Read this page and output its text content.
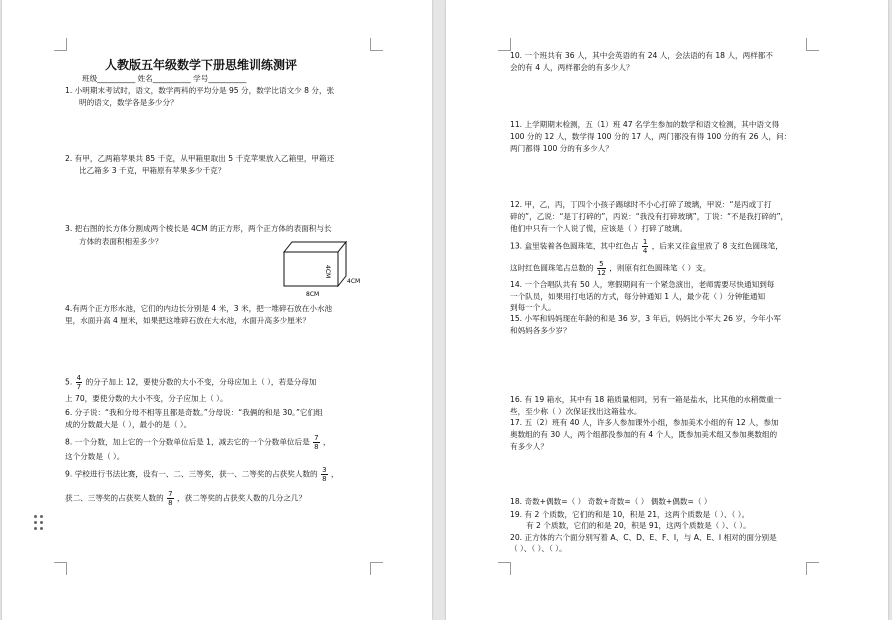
人教版五年级数学下册思维训练测评
班级__________ 姓名__________ 学号__________
1. 小明期末考试时，语文，数学两科的平均分是 95 分，数学比语文少 8 分，张
明的语文，数学各是多少分？
2. 有甲，乙两箱苹果共 85 千克，从甲箱里取出 5 千克苹果放入乙箱里，甲箱还
比乙箱多 3 千克，甲箱原有苹果多少千克？
3. 把右图的长方体分割成两个棱长是 4CM 的正方形，两个正方体的表面积与长
方体的表面积相差多少？
4CM
4CM
8CM
4.有两个正方形水池，它们的内边长分别是 4 米，3 米，把一堆碎石放在小水池
里，水面升高 4 厘米，如果把这堆碎石放在大水池，水面升高多少厘米？
5. $\frac{4}{7}$ 的分子加上 12，要使分数的大小不变，分母应加上（ ），若是分母加
上 70，要使分数的大小不变，分子应加上（ ）。
6. 分子说：“我和分母不相等且都是奇数。”分母说：“我俩的和是 30。”它们组
成的分数最大是（ ），最小的是（ ）。
8. 一个分数，加上它的一个分数单位后是 1，减去它的一个分数单位后是 $\frac{7}{8}$ ，
这个分数是（ ）。
9. 学校进行书法比赛，设有一、二、三等奖，获一、二等奖的占获奖人数的 $\frac{3}{8}$ ，
获二、三等奖的占获奖人数的 $\frac{7}{8}$ ，获二等奖的占获奖人数的几分之几？
10. 一个班共有 36 人，其中会英语的有 24 人，会法语的有 18 人，两样都不
会的有 4 人，两样都会的有多少人？
11. 上学期期末检测，五（1）班 47 名学生参加的数学和语文检测，其中语文得
100 分的 12 人，数学得 100 分的 17 人，两门都没有得 100 分的有 26 人，问：
两门都得 100 分的有多少人？
12. 甲，乙，丙，丁四个小孩子踢球时不小心打碎了玻璃，甲说：“是丙或丁打
碎的”，乙说：“是丁打碎的”，丙说：“我没有打碎玻璃”，丁说：“不是我打碎的”，
他们中只有一个人说了慌，应该是（ ）打碎了玻璃。
13. 盒里装着各色圆珠笔，其中红色占 $\frac{1}{4}$ ，后来又往盒里放了 8 支红色圆珠笔，
这时红色圆珠笔占总数的 $\frac{5}{12}$ ，则原有红色圆珠笔（ ）支。
14. 一个合唱队共有 50 人，寒假期间有一个紧急演出，老师需要尽快通知到每
一个队员，如果用打电话的方式，每分钟通知 1 人，最少花（ ）分钟能通知
到每一个人。
15. 小军和妈妈现在年龄的和是 36 岁，3 年后，妈妈比小军大 26 岁，今年小军
和妈妈各多少岁？
16. 有 19 箱水，其中有 18 箱质量相同，另有一箱是盐水，比其他的水稍微重一
些，至少称（ ）次保证找出这箱盐水。
17. 五（2）班有 40 人，许多人参加课外小组，参加美术小组的有 12 人，参加
奥数组的有 30 人，两个组都没参加的有 4 个人，既参加美术组又参加奥数组的
有多少人？
18. 奇数+偶数=（ ） 奇数+奇数=（ ） 偶数+偶数=（ ）
19. 有 2 个质数，它们的和是 10，积是 21，这两个质数是（ ）、（ ）。
有 2 个质数，它们的和是 20，积是 91，这两个质数是（ ）、（ ）。
20. 正方体的六个面分别写着 A、C、D、E、F、I，与 A、E、I 相对的面分别是
（ ）、（ ）、（ ）。
